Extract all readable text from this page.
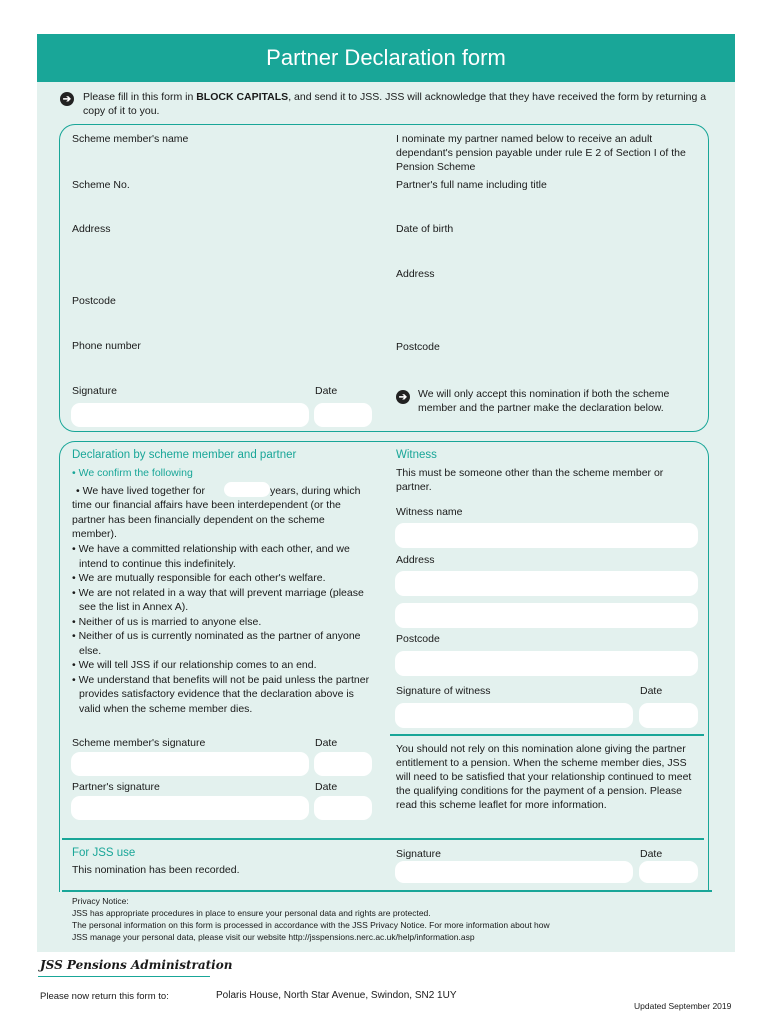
Partner Declaration form
➔ Please fill in this form in BLOCK CAPITALS, and send it to JSS. JSS will acknowledge that they have received the form by returning a copy of it to you.
Scheme member's name
Scheme No.
Address
Postcode
Phone number
Signature	Date
I nominate my partner named below to receive an adult dependant's pension payable under rule E 2 of Section I of the Pension Scheme
Partner's full name including title
Date of birth
Address
Postcode
➔ We will only accept this nomination if both the scheme member and the partner make the declaration below.
Declaration by scheme member and partner
• We confirm the following
• We have lived together for	years, during which
time our financial affairs have been interdependent (or the partner has been financially dependent on the scheme member).
• We have a committed relationship with each other, and we intend to continue this indefinitely.
• We are mutually responsible for each other's welfare.
• We are not related in a way that will prevent marriage (please see the list in Annex A).
• Neither of us is married to anyone else.
• Neither of us is currently nominated as the partner of anyone else.
• We will tell JSS if our relationship comes to an end.
• We understand that benefits will not be paid unless the partner provides satisfactory evidence that the declaration above is valid when the scheme member dies.
Scheme member's signature	Date
Partner's signature	Date
Witness
This must be someone other than the scheme member or partner.
Witness name
Address
Postcode
Signature of witness	Date
You should not rely on this nomination alone giving the partner entitlement to a pension. When the scheme member dies, JSS will need to be satisfied that your relationship continued to meet the qualifying conditions for the payment of a pension. Please read this scheme leaflet for more information.
For JSS use
This nomination has been recorded.
Signature	Date
Privacy Notice:
JSS has appropriate procedures in place to ensure your personal data and rights are protected.
The personal information on this form is processed in accordance with the JSS Privacy Notice. For more information about how
JSS manage your personal data, please visit our website http://jsspensions.nerc.ac.uk/help/information.asp
JSS Pensions Administration
Please now return this form to:	Polaris House, North Star Avenue, Swindon, SN2 1UY
Updated September 2019
